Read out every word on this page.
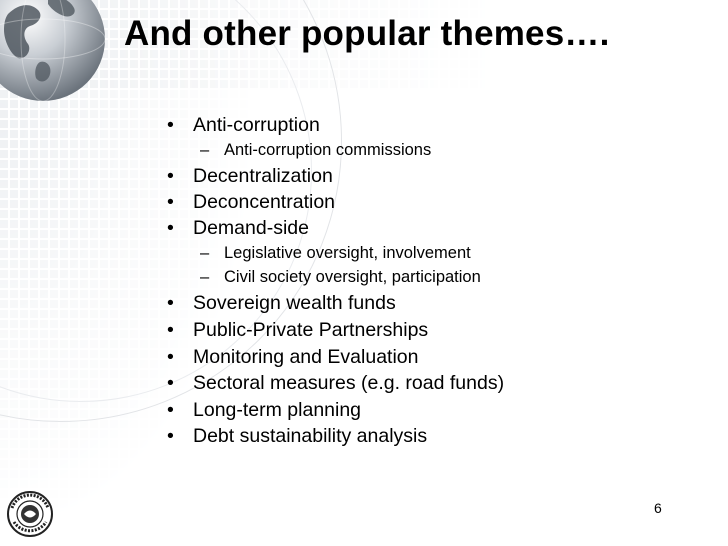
And other popular themes….
• Anti-corruption
– Anti-corruption commissions
• Decentralization
• Deconcentration
• Demand-side
– Legislative oversight, involvement
– Civil society oversight, participation
• Sovereign wealth funds
• Public-Private Partnerships
• Monitoring and Evaluation
• Sectoral measures (e.g. road funds)
• Long-term planning
• Debt sustainability analysis
6
